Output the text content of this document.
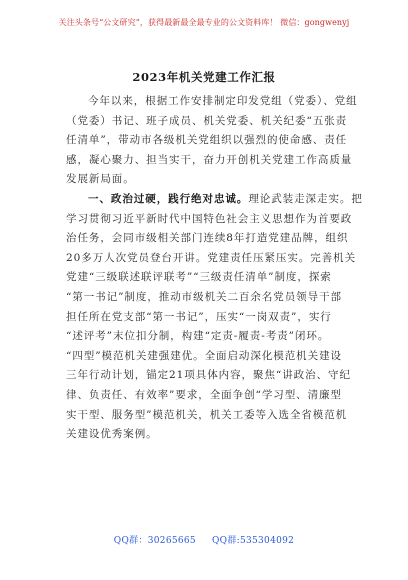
关注头条号“公文研究”，获得最新最全最专业的公文资料库！ 微信：gongwenyj
2023年机关党建工作汇报
今年以来，根据工作安排制定印发党组（党委）、党组
（党委）书记、班子成员、机关党委、机关纪委“五张责
任清单”，带动市各级机关党组织以强烈的使命感、责任
感，凝心聚力、担当实干，奋力开创机关党建工作高质量
发展新局面。
一、政治过硬，践行绝对忠诚。理论武装走深走实。把
学习贯彻习近平新时代中国特色社会主义思想作为首要政
治任务，会同市级相关部门连续8年打造党建品牌，组织
20多万人次党员登台开讲。党建责任压紧压实。完善机关
党建“三级联述联评联考”“三级责任清单”制度，探索
“第一书记”制度，推动市级机关二百余名党员领导干部
担任所在党支部“第一书记”，压实“一岗双责”，实行
“述评考”末位扣分制，构建“定责-履责-考责”闭环。
“四型”模范机关建强建优。全面启动深化模范机关建设
三年行动计划，锚定21项具体内容，聚焦“讲政治、守纪
律、负责任、有效率”要求，全面争创“学习型、清廉型
实干型、服务型”模范机关，机关工委等入选全省模范机
关建设优秀案例。
QQ群：30265665 QQ群:535304092
